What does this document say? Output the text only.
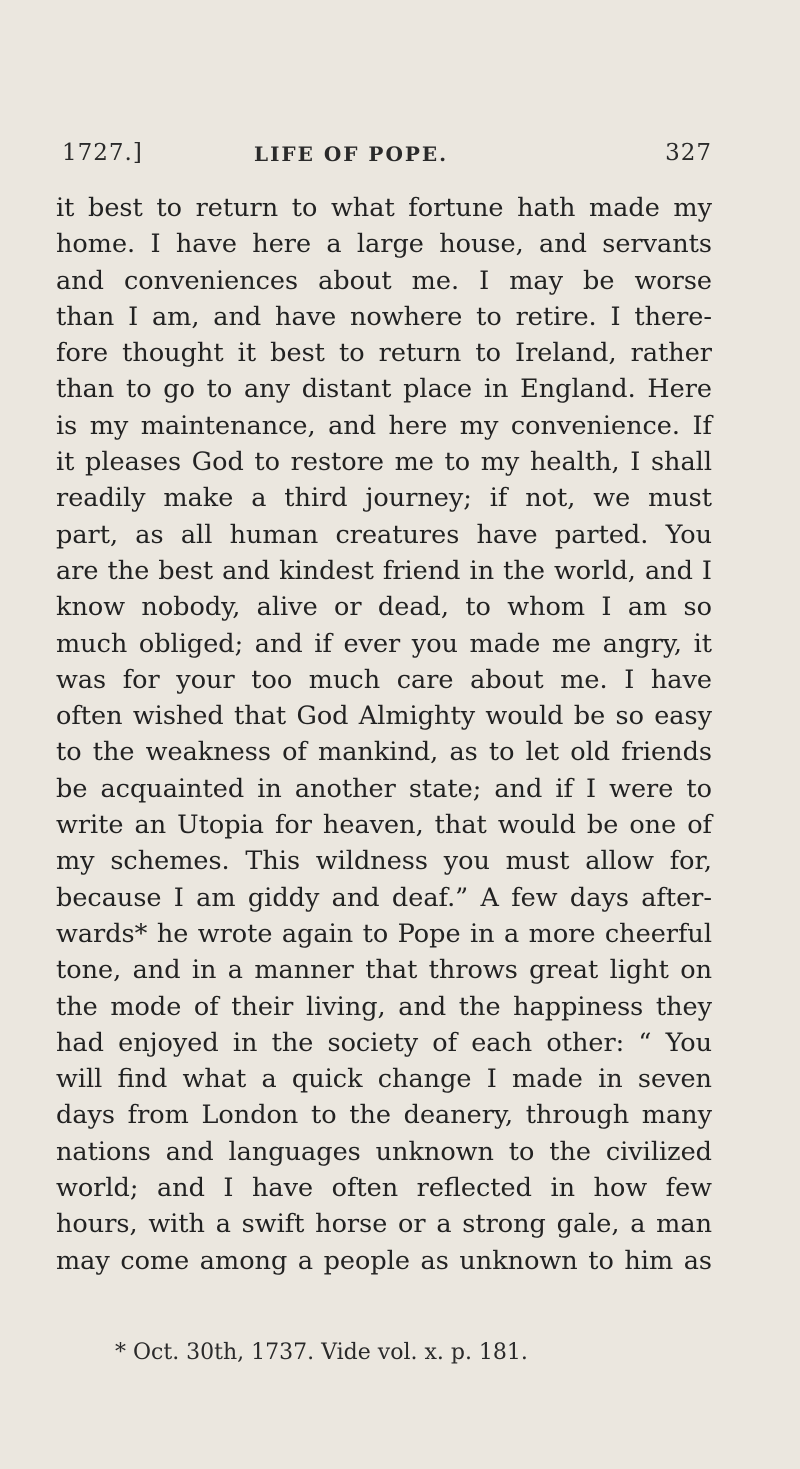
1727.]	LIFE OF POPE.	327
it best to return to what fortune hath made my
home. I have here a large house, and servants
and conveniences about me. I may be worse
than I am, and have nowhere to retire. I there-
fore thought it best to return to Ireland, rather
than to go to any distant place in England. Here
is my maintenance, and here my convenience. If
it pleases God to restore me to my health, I shall
readily make a third journey; if not, we must
part, as all human creatures have parted. You
are the best and kindest friend in the world, and I
know nobody, alive or dead, to whom I am so
much obliged; and if ever you made me angry, it
was for your too much care about me. I have
often wished that God Almighty would be so easy
to the weakness of mankind, as to let old friends
be acquainted in another state; and if I were to
write an Utopia for heaven, that would be one of
my schemes. This wildness you must allow for,
because I am giddy and deaf.” A few days after-
wards* he wrote again to Pope in a more cheerful
tone, and in a manner that throws great light on
the mode of their living, and the happiness they
had enjoyed in the society of each other: “ You
will find what a quick change I made in seven
days from London to the deanery, through many
nations and languages unknown to the civilized
world; and I have often reflected in how few
hours, with a swift horse or a strong gale, a man
may come among a people as unknown to him as
* Oct. 30th, 1737. Vide vol. x. p. 181.
